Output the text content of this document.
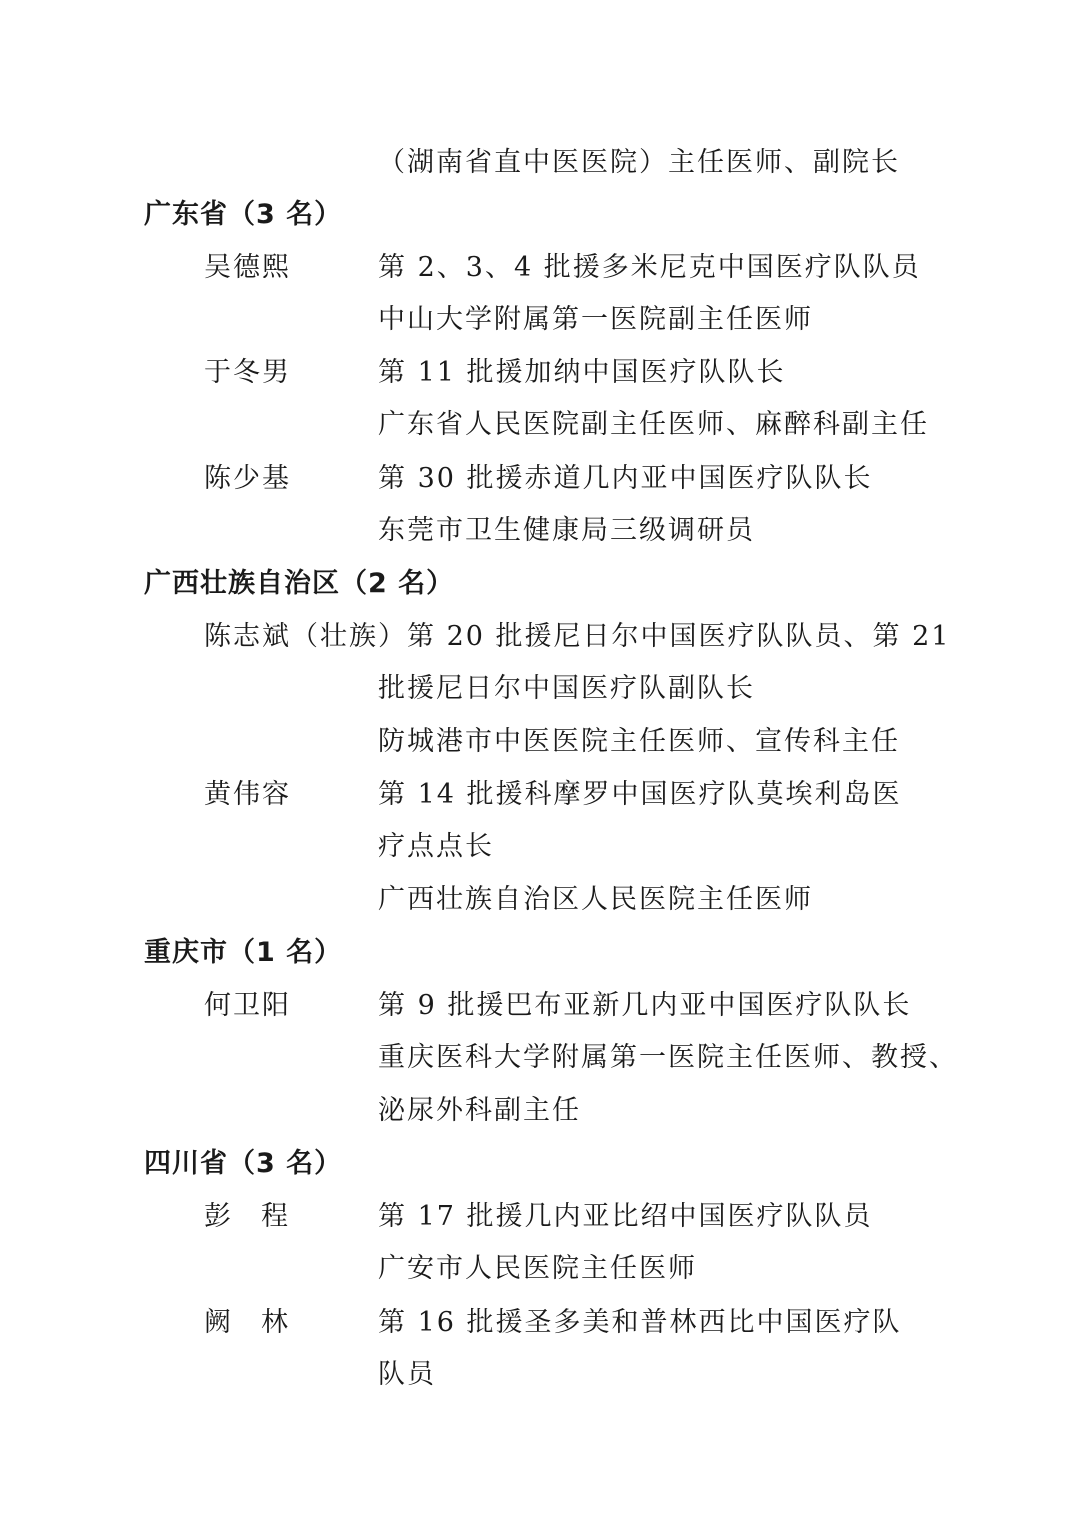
（湖南省直中医医院）主任医师、副院长
广东省（3 名）
吴德熙	第 2、3、4 批援多米尼克中国医疗队队员
中山大学附属第一医院副主任医师
于冬男	第 11 批援加纳中国医疗队队长
广东省人民医院副主任医师、麻醉科副主任
陈少基	第 30 批援赤道几内亚中国医疗队队长
东莞市卫生健康局三级调研员
广西壮族自治区（2 名）
陈志斌（壮族）第 20 批援尼日尔中国医疗队队员、第 21
批援尼日尔中国医疗队副队长
防城港市中医医院主任医师、宣传科主任
黄伟容	第 14 批援科摩罗中国医疗队莫埃利岛医
疗点点长
广西壮族自治区人民医院主任医师
重庆市（1 名）
何卫阳	第 9 批援巴布亚新几内亚中国医疗队队长
重庆医科大学附属第一医院主任医师、教授、
泌尿外科副主任
四川省（3 名）
彭程 第 17 批援几内亚比绍中国医疗队队员
广安市人民医院主任医师
阙林 第 16 批援圣多美和普林西比中国医疗队
队员
